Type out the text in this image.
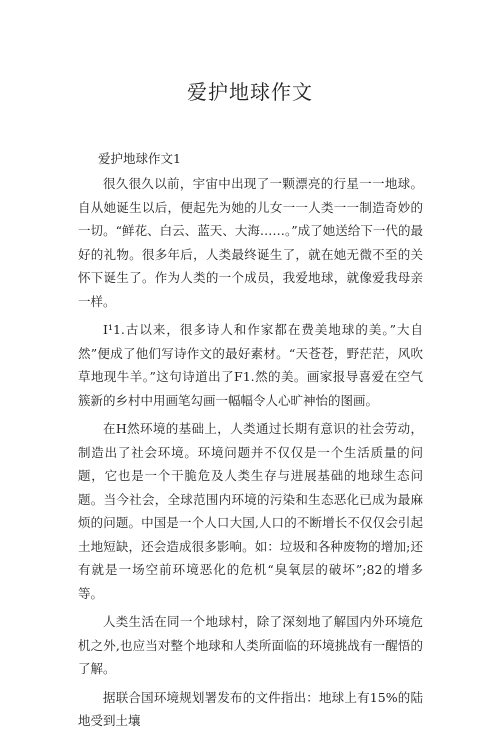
爱护地球作文

爱护地球作文1

很久很久以前，宇宙中出现了一颗漂亮的行星一一地球。自从她诞生以后，便起先为她的儿女一一人类一一制造奇妙的一切。“鲜花、白云、蓝天、大海……。”成了她送给下一代的最好的礼物。很多年后，人类最终诞生了，就在她无微不至的关怀下诞生了。作为人类的一个成员，我爱地球，就像爱我母亲一样。

I¹1.古以来，很多诗人和作家都在费美地球的美。”大自然”便成了他们写诗作文的最好素材。“天苍苍，野茫茫，风吹草地现牛羊。”这句诗道出了F1.然的美。画家报导喜爱在空气簇新的乡村中用画笔勾画一幅幅令人心旷神怡的图画。

在H然环境的基础上，人类通过长期有意识的社会劳动，制造出了社会环境。环境问题并不仅仅是一个生活质量的问题，它也是一个干脆危及人类生存与进展基础的地球生态问题。当今社会，全球范围内环境的污染和生态恶化已成为最麻烦的问题。中国是一个人口大国,人口的不断增长不仅仅会引起土地短缺，还会造成很多影响。如：垃圾和各种废物的增加;还有就是一场空前环境恶化的危机“臭氧层的破坏”;82的增多等。

人类生活在同一个地球村，除了深刻地了解国内外环境危机之外,也应当对整个地球和人类所面临的环境挑战有一醒悟的了解。

据联合国环境规划署发布的文件指出：地球上有15%的陆地受到土壤
